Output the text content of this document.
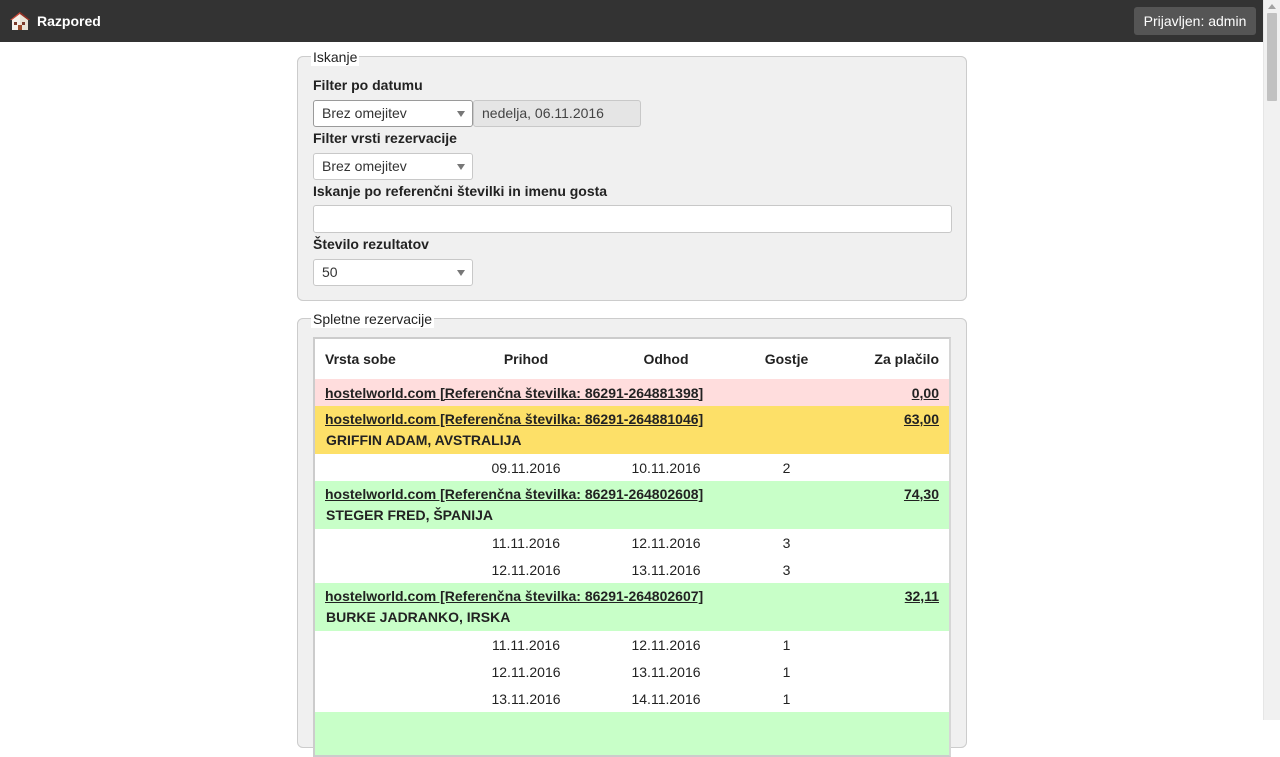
Razpored	Prijavljen: admin
Iskanje
Filter po datumu
Brez omejitev	nedelja, 06.11.2016
Filter vrsti rezervacije
Brez omejitev
Iskanje po referenčni številki in imenu gosta
Število rezultatov
50
Spletne rezervacije
Vrsta sobe	Prihod	Odhod	Gostje	Za plačilo
hostelworld.com [Referenčna številka: 86291-264881398]				0,00
hostelworld.com [Referenčna številka: 86291-264881046]
GRIFFIN ADAM, AVSTRALIJA				63,00
	09.11.2016	10.11.2016	2	
hostelworld.com [Referenčna številka: 86291-264802608]
STEGER FRED, ŠPANIJA				74,30
	11.11.2016	12.11.2016	3	
	12.11.2016	13.11.2016	3	
hostelworld.com [Referenčna številka: 86291-264802607]
BURKE JADRANKO, IRSKA				32,11
	11.11.2016	12.11.2016	1	
	12.11.2016	13.11.2016	1	
	13.11.2016	14.11.2016	1	
